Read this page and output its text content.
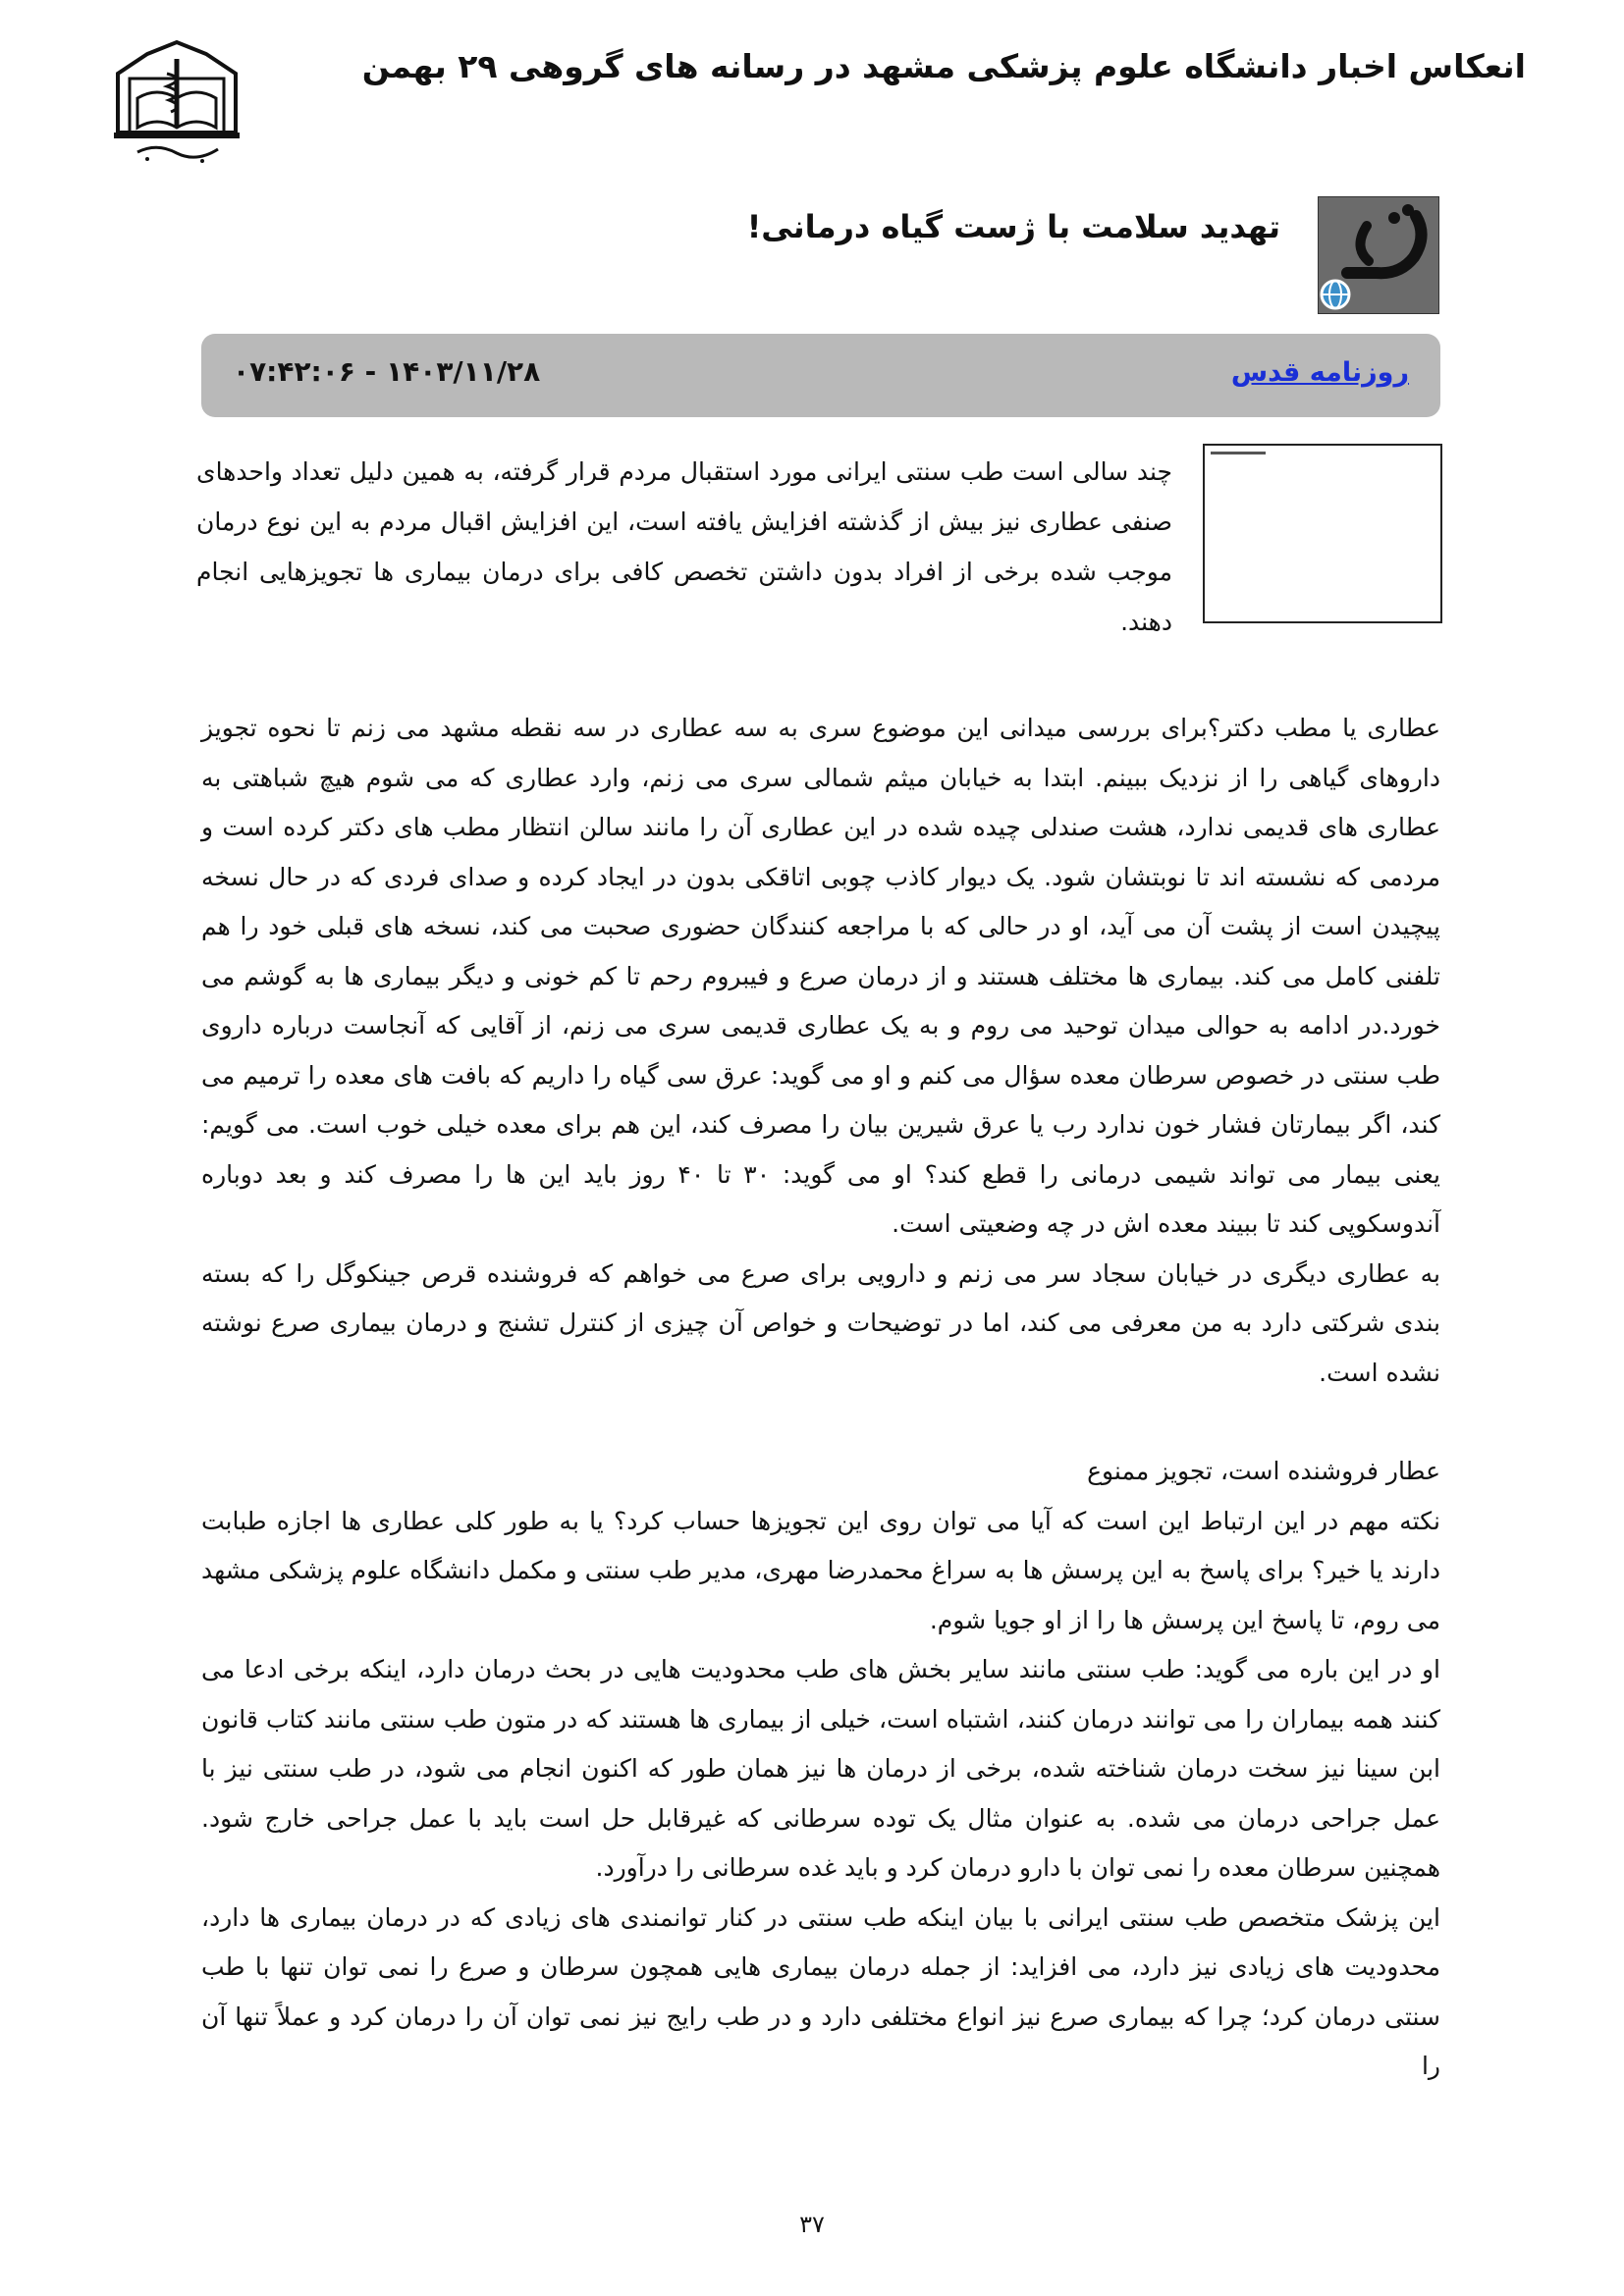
انعکاس اخبار دانشگاه علوم پزشکی مشهد در رسانه های گروهی ۲۹ بهمن
تهدید سلامت با ژست گیاه درمانی!
روزنامه قدس
۱۴۰۳/۱۱/۲۸ - ۰۷:۴۲:۰۶
چند سالی است طب سنتی ایرانی مورد استقبال مردم قرار گرفته، به همین دلیل تعداد واحدهای صنفی عطاری نیز بیش از گذشته افزایش یافته است، این افزایش اقبال مردم به این نوع درمان موجب شده برخی از افراد بدون داشتن تخصص کافی برای درمان بیماری ها تجویزهایی انجام دهند.

عطاری یا مطب دکتر؟برای بررسی میدانی این موضوع سری به سه عطاری در سه نقطه مشهد می زنم تا نحوه تجویز داروهای گیاهی را از نزدیک ببینم. ابتدا به خیابان میثم شمالی سری می زنم، وارد عطاری که می شوم هیچ شباهتی به عطاری های قدیمی ندارد، هشت صندلی چیده شده در این عطاری آن را مانند سالن انتظار مطب های دکتر کرده است و مردمی که نشسته اند تا نوبتشان شود. یک دیوار کاذب چوبی اتاقکی بدون در ایجاد کرده و صدای فردی که در حال نسخه پیچیدن است از پشت آن می آید، او در حالی که با مراجعه کنندگان حضوری صحبت می کند، نسخه های قبلی خود را هم تلفنی کامل می کند. بیماری ها مختلف هستند و از درمان صرع و فیبروم رحم تا کم خونی و دیگر بیماری ها به گوشم می خورد.در ادامه به حوالی میدان توحید می روم و به یک عطاری قدیمی سری می زنم، از آقایی که آنجاست درباره داروی طب سنتی در خصوص سرطان معده سؤال می کنم و او می گوید: عرق سی گیاه را داریم که بافت های معده را ترمیم می کند، اگر بیمارتان فشار خون ندارد رب یا عرق شیرین بیان را مصرف کند، این هم برای معده خیلی خوب است. می گویم: یعنی بیمار می تواند شیمی درمانی را قطع کند؟ او می گوید: ۳۰ تا ۴۰ روز باید این ها را مصرف کند و بعد دوباره آندوسکوپی کند تا ببیند معده اش در چه وضعیتی است.

به عطاری دیگری در خیابان سجاد سر می زنم و دارویی برای صرع می خواهم که فروشنده قرص جینکوگل را که بسته بندی شرکتی دارد به من معرفی می کند، اما در توضیحات و خواص آن چیزی از کنترل تشنج و درمان بیماری صرع نوشته نشده است.

عطار فروشنده است، تجویز ممنوع

نکته مهم در این ارتباط این است که آیا می توان روی این تجویزها حساب کرد؟ یا به طور کلی عطاری ها اجازه طبابت دارند یا خیر؟ برای پاسخ به این پرسش ها به سراغ محمدرضا مهری، مدیر طب سنتی و مکمل دانشگاه علوم پزشکی مشهد می روم، تا پاسخ این پرسش ها را از او جویا شوم.

او در این باره می گوید: طب سنتی مانند سایر بخش های طب محدودیت هایی در بحث درمان دارد، اینکه برخی ادعا می کنند همه بیماران را می توانند درمان کنند، اشتباه است، خیلی از بیماری ها هستند که در متون طب سنتی مانند کتاب قانون ابن سینا نیز سخت درمان شناخته شده، برخی از درمان ها نیز همان طور که اکنون انجام می شود، در طب سنتی نیز با عمل جراحی درمان می شده. به عنوان مثال یک توده سرطانی که غیرقابل حل است باید با عمل جراحی خارج شود. همچنین سرطان معده را نمی توان با دارو درمان کرد و باید غده سرطانی را درآورد.

این پزشک متخصص طب سنتی ایرانی با بیان اینکه طب سنتی در کنار توانمندی های زیادی که در درمان بیماری ها دارد، محدودیت های زیادی نیز دارد، می افزاید: از جمله درمان بیماری هایی همچون سرطان و صرع را نمی توان تنها با طب سنتی درمان کرد؛ چرا که بیماری صرع نیز انواع مختلفی دارد و در طب رایج نیز نمی توان آن را درمان کرد و عملاً تنها آن را

۳۷
